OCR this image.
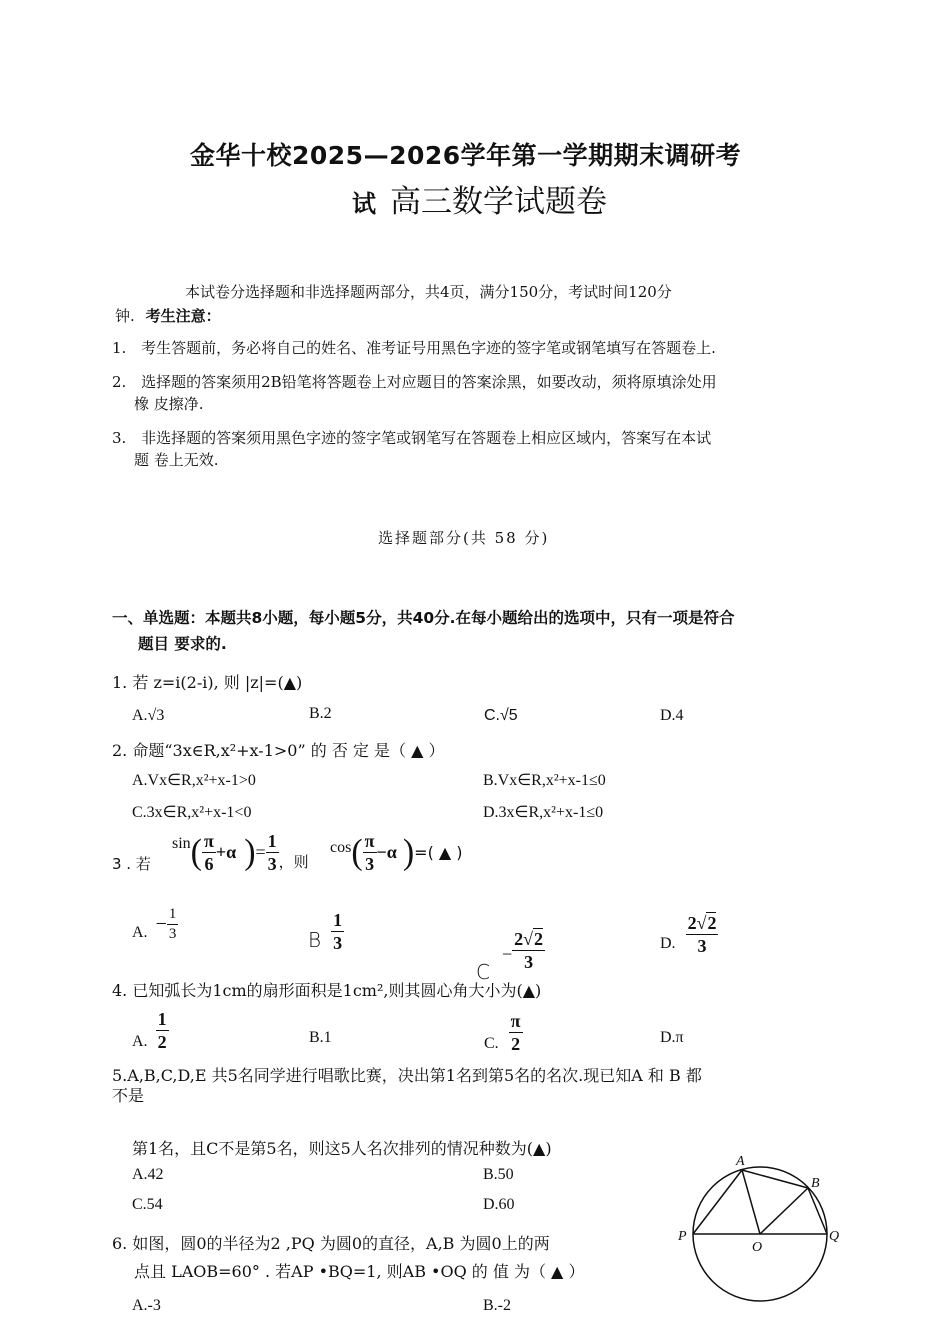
金华十校2025—2026学年第一学期期末调研考
试 高三数学试题卷
本试卷分选择题和非选择题两部分，共4页，满分150分，考试时间120分
钟. 考生注意：
1. 考生答题前，务必将自己的姓名、准考证号用黑色字迹的签字笔或钢笔填写在答题卷上.
2. 选择题的答案须用2B铅笔将答题卷上对应题目的答案涂黑，如要改动，须将原填涂处用
橡 皮擦净.
3. 非选择题的答案须用黑色字迹的签字笔或钢笔写在答题卷上相应区域内，答案写在本试
题 卷上无效.
选择题部分(共 58 分)
一、单选题：本题共8小题，每小题5分，共40分.在每小题给出的选项中，只有一项是符合
题目 要求的.
1. 若 z=i(2-i), 则 |z|=(▲)
A.√3	B.2	C.√5	D.4
2. 命题“3x∈R,x²+x-1>0” 的 否 定 是（ ▲ ）
A.Vx∈R,x²+x-1>0	B.Vx∈R,x²+x-1≤0
C.3x∈R,x²+x-1<0	D.3x∈R,x²+x-1≤0
3 . 若
sin ( $\frac{\pi}{6} +\alpha$ ) = $\frac{1}{3}$ ，则
cos ( $\frac{\pi}{3} -\alpha$ ) =( ▲ )
A. − $\frac{1}{3}$	B $\frac{1}{3}$
C
− $\frac{2√2}{3}$	D. $\frac{2√2}{3}$
4. 已知弧长为1cm的扇形面积是1cm²,则其圆心角大小为(▲)
A. $\frac{1}{2}$	B.1	C. $\frac{\pi}{2}$	D.π
5.A,B,C,D,E 共5名同学进行唱歌比赛，决出第1名到第5名的名次.现已知A 和 B 都
不是
第1名，且C不是第5名，则这5人名次排列的情况种数为(▲)
A.42	B.50
C.54	D.60
6. 如图，圆0的半径为2 ,PQ 为圆0的直径，A,B 为圆0上的两
点且 LAOB=60° . 若AP •BQ=1, 则AB •OQ 的 值 为（ ▲ ）
A.-3	B.-2
A
B
P
O
Q
